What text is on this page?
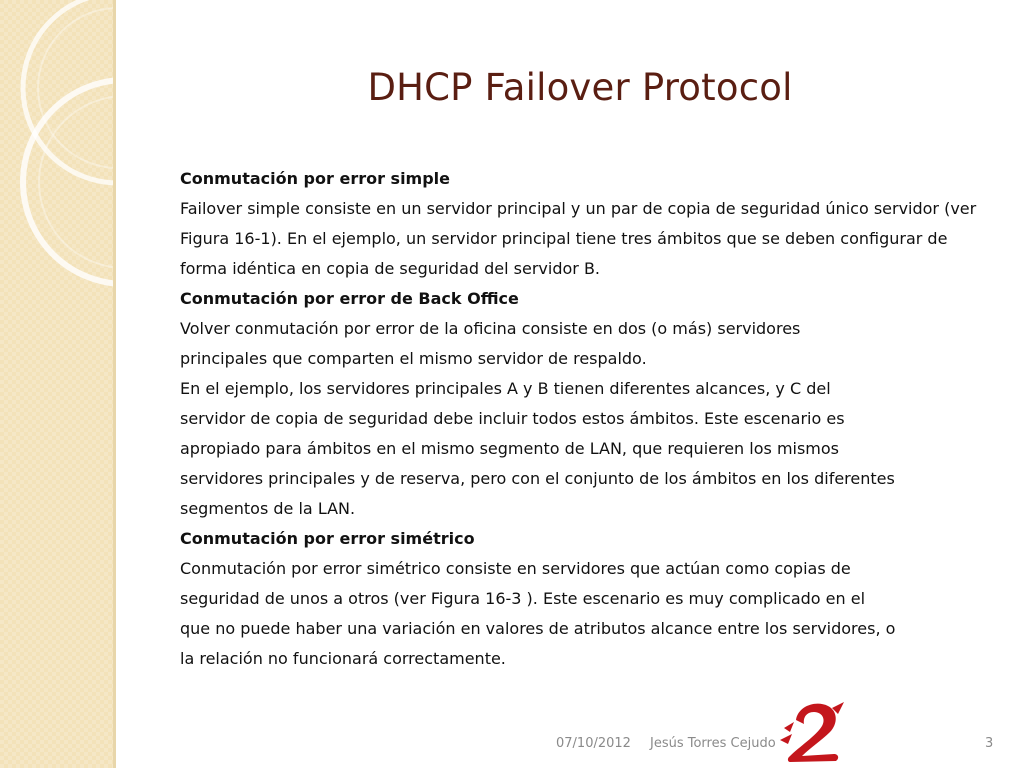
DHCP Failover Protocol
Conmutación por error simple
Failover simple consiste en un servidor principal y un par de copia de seguridad único servidor (ver
Figura 16-1). En el ejemplo, un servidor principal tiene tres ámbitos que se deben configurar de
forma idéntica en copia de seguridad del servidor B.
Conmutación por error de Back Office
Volver conmutación por error de la oficina consiste en dos (o más) servidores
principales que comparten el mismo servidor de respaldo.
En el ejemplo, los servidores principales A y B tienen diferentes alcances, y C del
servidor de copia de seguridad debe incluir todos estos ámbitos. Este escenario es
apropiado para ámbitos en el mismo segmento de LAN, que requieren los mismos
servidores principales y de reserva, pero con el conjunto de los ámbitos en los diferentes
segmentos de la LAN.
Conmutación por error simétrico
Conmutación por error simétrico consiste en servidores que actúan como copias de
seguridad de unos a otros (ver Figura 16-3 ). Este escenario es muy complicado en el
que no puede haber una variación en valores de atributos alcance entre los servidores, o
la relación no funcionará correctamente.
07/10/2012 Jesús Torres Cejudo	3
